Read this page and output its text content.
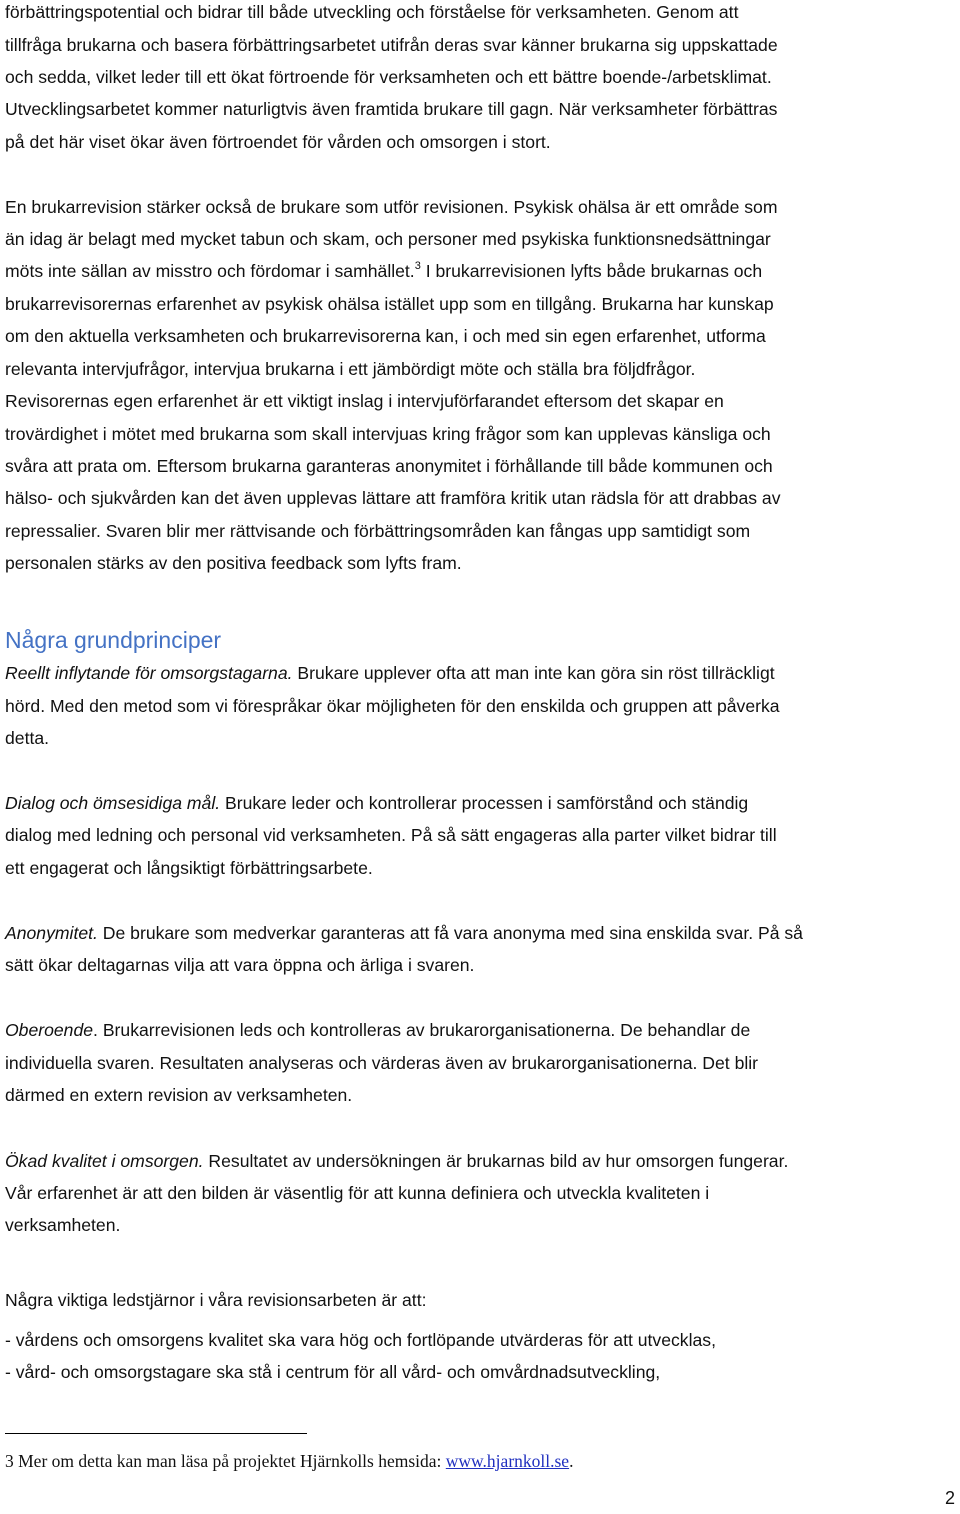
förbättringspotential och bidrar till både utveckling och förståelse för verksamheten. Genom att
tillfråga brukarna och basera förbättringsarbetet utifrån deras svar känner brukarna sig uppskattade
och sedda, vilket leder till ett ökat förtroende för verksamheten och ett bättre boende-/arbetsklimat.
Utvecklingsarbetet kommer naturligtvis även framtida brukare till gagn. När verksamheter förbättras
på det här viset ökar även förtroendet för vården och omsorgen i stort.
En brukarrevision stärker också de brukare som utför revisionen. Psykisk ohälsa är ett område som
än idag är belagt med mycket tabun och skam, och personer med psykiska funktionsnedsättningar
möts inte sällan av misstro och fördomar i samhället.$^3$ I brukarrevisionen lyfts både brukarnas och
brukarrevisorernas erfarenhet av psykisk ohälsa istället upp som en tillgång. Brukarna har kunskap
om den aktuella verksamheten och brukarrevisorerna kan, i och med sin egen erfarenhet, utforma
relevanta intervjufrågor, intervjua brukarna i ett jämbördigt möte och ställa bra följdfrågor.
Revisorernas egen erfarenhet är ett viktigt inslag i intervjuförfarandet eftersom det skapar en
trovärdighet i mötet med brukarna som skall intervjuas kring frågor som kan upplevas känsliga och
svåra att prata om. Eftersom brukarna garanteras anonymitet i förhållande till både kommunen och
hälso- och sjukvården kan det även upplevas lättare att framföra kritik utan rädsla för att drabbas av
repressalier. Svaren blir mer rättvisande och förbättringsområden kan fångas upp samtidigt som
personalen stärks av den positiva feedback som lyfts fram.
Några grundprinciper
Reellt inflytande för omsorgstagarna. Brukare upplever ofta att man inte kan göra sin röst tillräckligt
hörd. Med den metod som vi förespråkar ökar möjligheten för den enskilda och gruppen att påverka
detta.
Dialog och ömsesidiga mål. Brukare leder och kontrollerar processen i samförstånd och ständig
dialog med ledning och personal vid verksamheten. På så sätt engageras alla parter vilket bidrar till
ett engagerat och långsiktigt förbättringsarbete.
Anonymitet. De brukare som medverkar garanteras att få vara anonyma med sina enskilda svar. På så
sätt ökar deltagarnas vilja att vara öppna och ärliga i svaren.
Oberoende. Brukarrevisionen leds och kontrolleras av brukarorganisationerna. De behandlar de
individuella svaren. Resultaten analyseras och värderas även av brukarorganisationerna. Det blir
därmed en extern revision av verksamheten.
Ökad kvalitet i omsorgen. Resultatet av undersökningen är brukarnas bild av hur omsorgen fungerar.
Vår erfarenhet är att den bilden är väsentlig för att kunna definiera och utveckla kvaliteten i
verksamheten.
Några viktiga ledstjärnor i våra revisionsarbeten är att:
- vårdens och omsorgens kvalitet ska vara hög och fortlöpande utvärderas för att utvecklas,
- vård- och omsorgstagare ska stå i centrum för all vård- och omvårdnadsutveckling,
3 Mer om detta kan man läsa på projektet Hjärnkolls hemsida: www.hjarnkoll.se.
2
